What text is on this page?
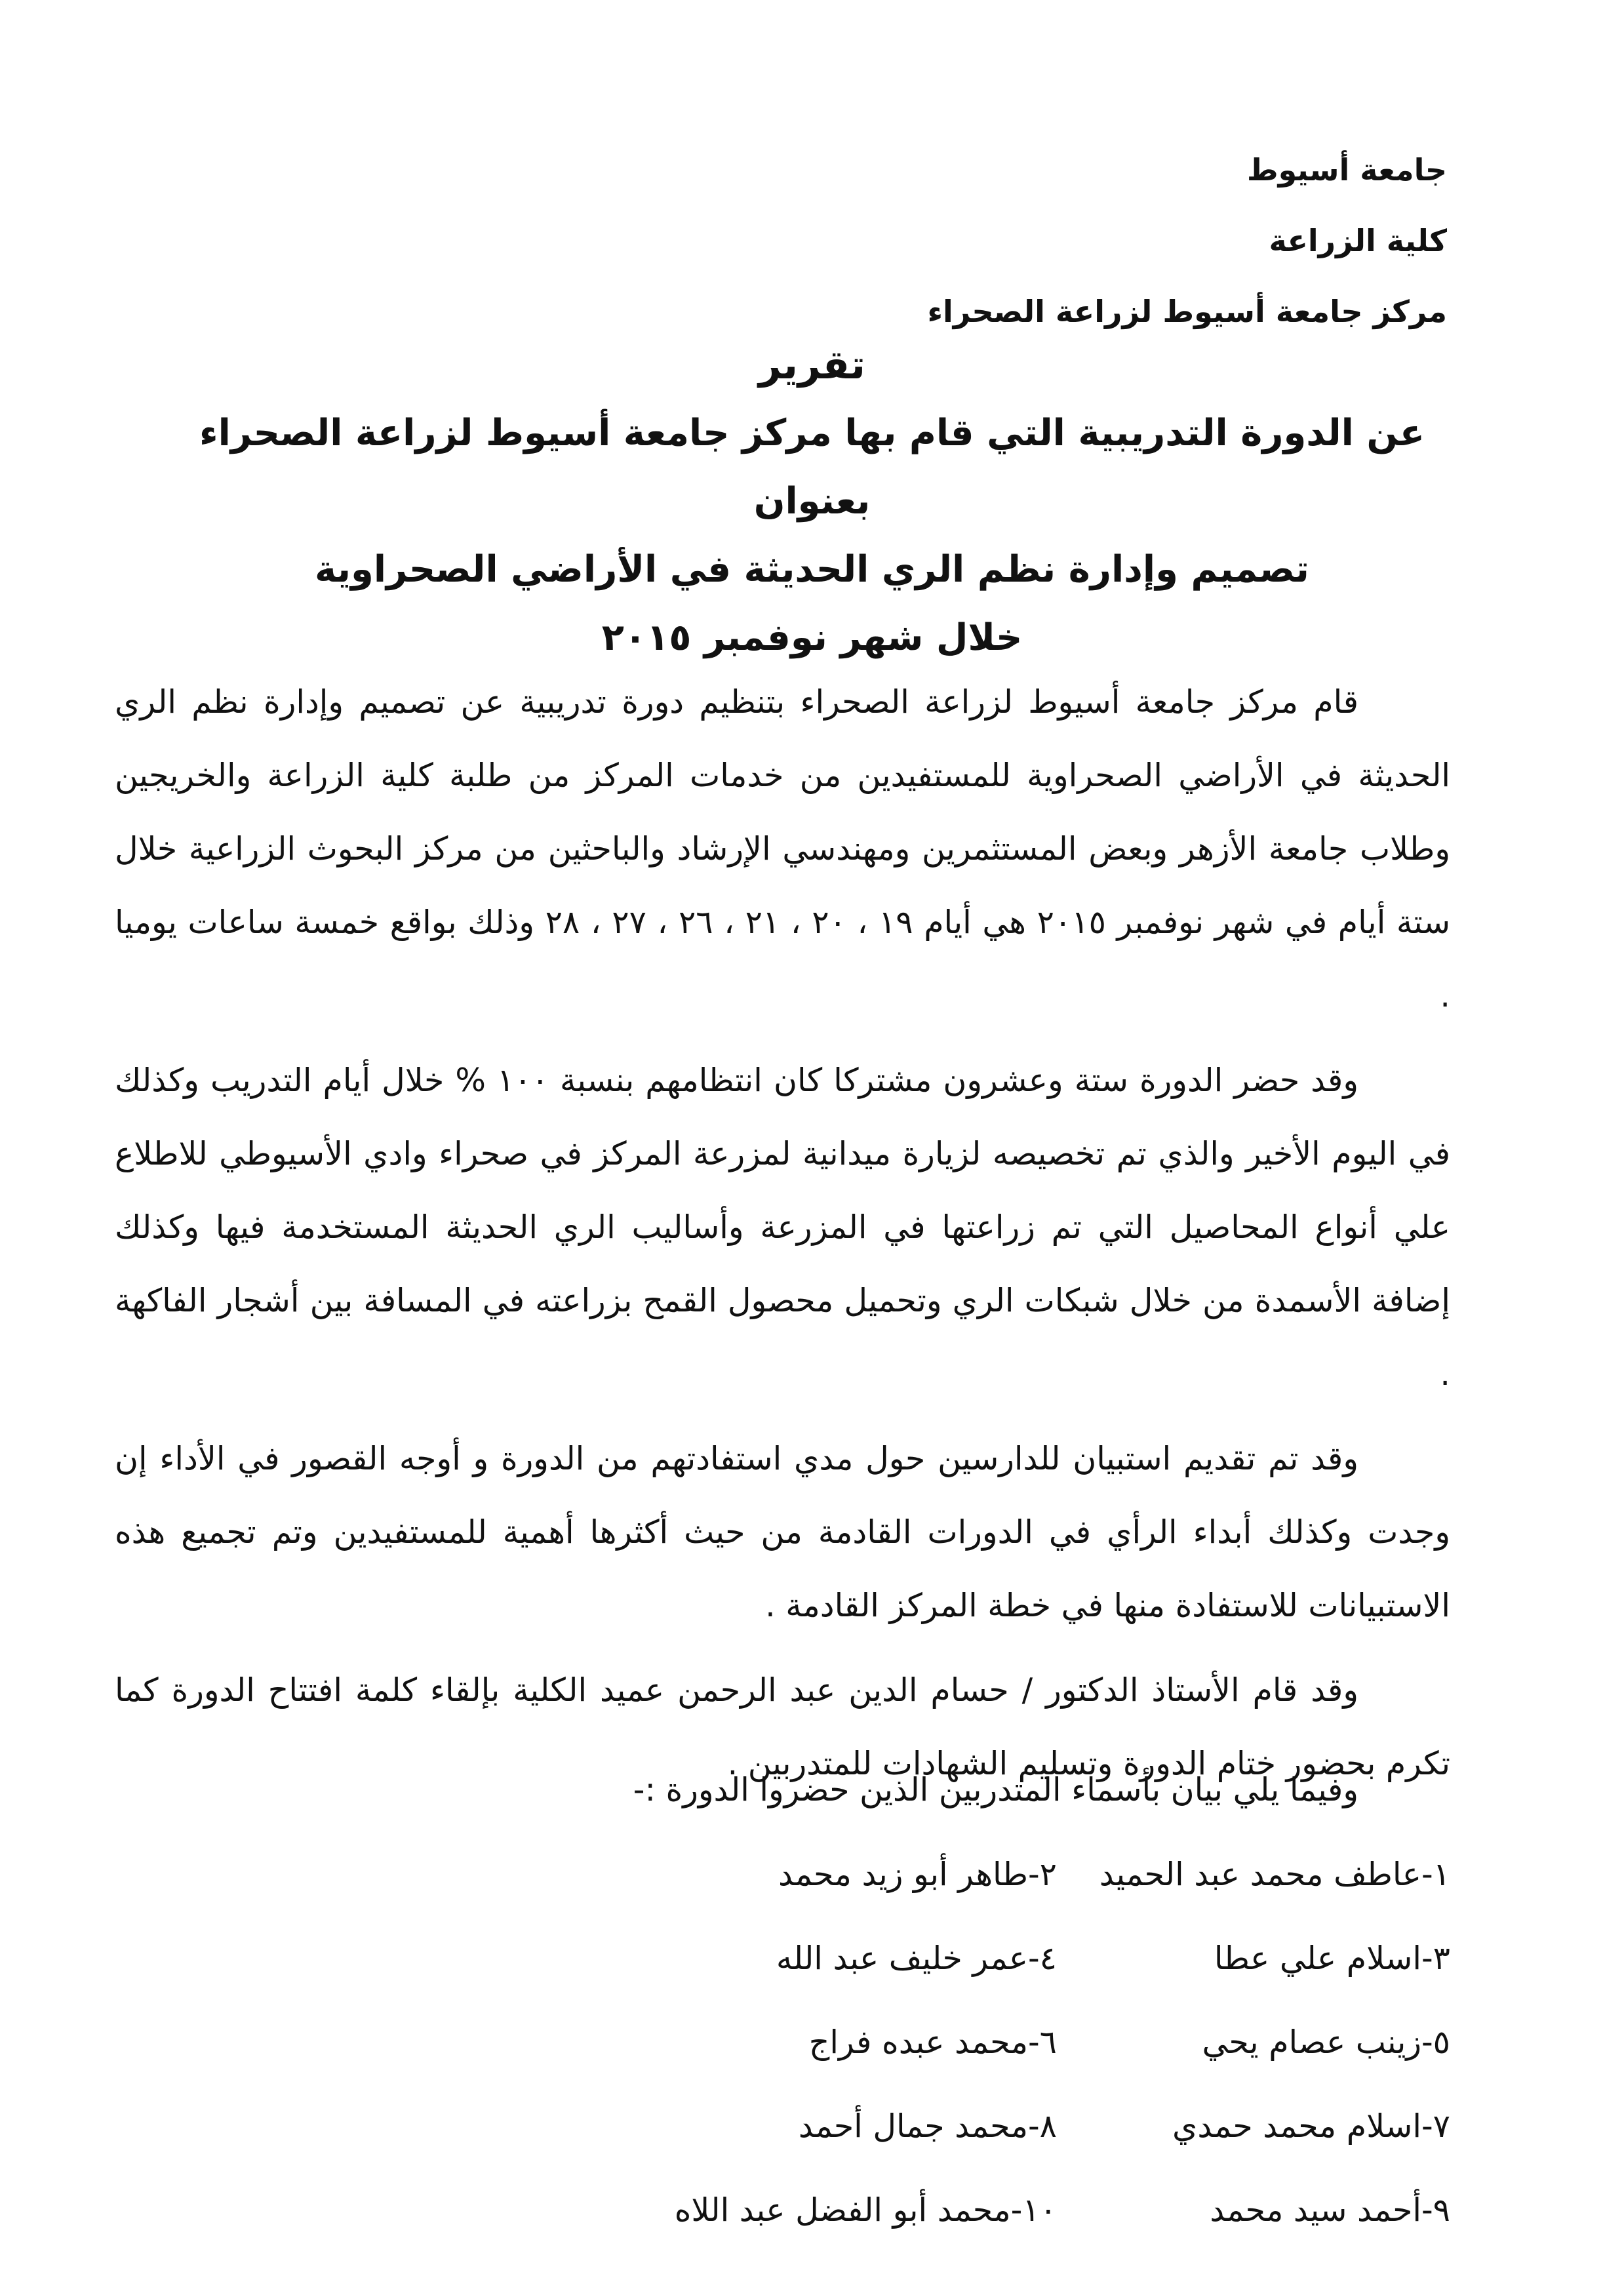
جامعة أسيوط
كلية الزراعة
مركز جامعة أسيوط لزراعة الصحراء
تقرير
عن الدورة التدريبية التي قام بها مركز جامعة أسيوط لزراعة الصحراء
بعنوان
تصميم وإدارة نظم الري الحديثة في الأراضي الصحراوية
خلال شهر نوفمبر ٢٠١٥

قام مركز جامعة أسيوط لزراعة الصحراء بتنظيم دورة تدريبية عن تصميم وإدارة نظم الري الحديثة في الأراضي الصحراوية للمستفيدين من خدمات المركز من طلبة كلية الزراعة والخريجين وطلاب جامعة الأزهر وبعض المستثمرين ومهندسي الإرشاد والباحثين من مركز البحوث الزراعية خلال ستة أيام في شهر نوفمبر ٢٠١٥ هي أيام ١٩ ، ٢٠ ، ٢١ ، ٢٦ ، ٢٧ ، ٢٨ وذلك بواقع خمسة ساعات يوميا .

وقد حضر الدورة ستة وعشرون مشتركا كان انتظامهم بنسبة ١٠٠ % خلال أيام التدريب وكذلك في اليوم الأخير والذي تم تخصيصه لزيارة ميدانية لمزرعة المركز في صحراء وادي الأسيوطي للاطلاع علي أنواع المحاصيل التي تم زراعتها في المزرعة وأساليب الري الحديثة المستخدمة فيها وكذلك إضافة الأسمدة من خلال شبكات الري وتحميل محصول القمح بزراعته في المسافة بين أشجار الفاكهة .

وقد تم تقديم استبيان للدارسين حول مدي استفادتهم من الدورة و أوجه القصور في الأداء إن وجدت وكذلك أبداء الرأي في الدورات القادمة من حيث أكثرها أهمية للمستفيدين وتم تجميع هذه الاستبيانات للاستفادة منها في خطة المركز القادمة .

وقد قام الأستاذ الدكتور / حسام الدين عبد الرحمن عميد الكلية بإلقاء كلمة افتتاح الدورة كما تكرم بحضور ختام الدورة وتسليم الشهادات للمتدربين .

وفيما يلي بيان بأسماء المتدربين الذين حضروا الدورة :-
١-عاطف محمد عبد الحميد
٢-طاهر أبو زيد محمد
٣-اسلام علي عطا
٤-عمر خليف عبد الله
٥-زينب عصام يحي
٦-محمد عبده فراج
٧-اسلام محمد حمدي
٨-محمد جمال أحمد
٩-أحمد سيد محمد
١٠-محمد أبو الفضل عبد اللاه
